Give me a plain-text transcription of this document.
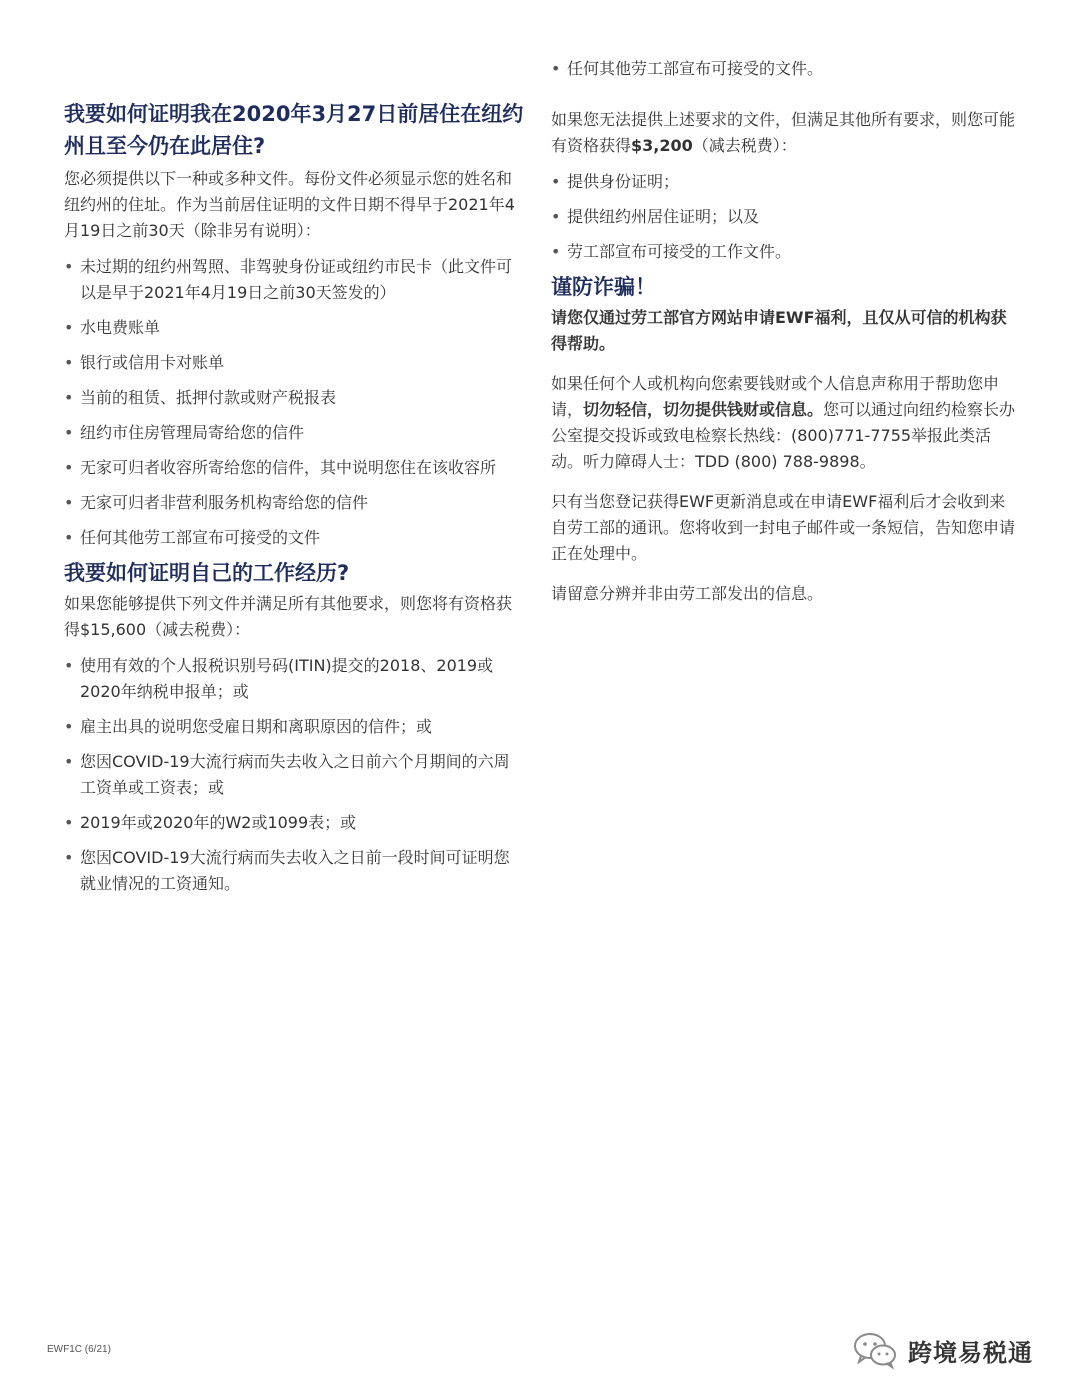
我要如何证明我在2020年3月27日前居住在纽约州且至今仍在此居住?

您必须提供以下一种或多种文件。每份文件必须显示您的姓名和纽约州的住址。作为当前居住证明的文件日期不得早于2021年4月19日之前30天（除非另有说明）：

• 未过期的纽约州驾照、非驾驶身份证或纽约市民卡（此文件可以是早于2021年4月19日之前30天签发的）
• 水电费账单
• 银行或信用卡对账单
• 当前的租赁、抵押付款或财产税报表
• 纽约市住房管理局寄给您的信件
• 无家可归者收容所寄给您的信件，其中说明您住在该收容所
• 无家可归者非营利服务机构寄给您的信件
• 任何其他劳工部宣布可接受的文件
我要如何证明自己的工作经历?

如果您能够提供下列文件并满足所有其他要求，则您将有资格获得$15,600（减去税费）：

• 使用有效的个人报税识别号码(ITIN)提交的2018、2019或2020年纳税申报单；或
• 雇主出具的说明您受雇日期和离职原因的信件；或
• 您因COVID-19大流行病而失去收入之日前六个月期间的六周工资单或工资表；或
• 2019年或2020年的W2或1099表；或
• 您因COVID-19大流行病而失去收入之日前一段时间可证明您就业情况的工资通知。
• 任何其他劳工部宣布可接受的文件。

如果您无法提供上述要求的文件，但满足其他所有要求，则您可能有资格获得$3,200（减去税费）：

• 提供身份证明；
• 提供纽约州居住证明；以及
• 劳工部宣布可接受的工作文件。
谨防诈骗！

请您仅通过劳工部官方网站申请EWF福利，且仅从可信的机构获得帮助。

如果任何个人或机构向您索要钱财或个人信息声称用于帮助您申请，切勿轻信，切勿提供钱财或信息。您可以通过向纽约检察长办公室提交投诉或致电检察长热线：(800)771-7755举报此类活动。听力障碍人士：TDD (800) 788-9898。

只有当您登记获得EWF更新消息或在申请EWF福利后才会收到来自劳工部的通讯。您将收到一封电子邮件或一条短信，告知您申请正在处理中。

请留意分辨并非由劳工部发出的信息。

EWF1C (6/21)	跨境易税通
